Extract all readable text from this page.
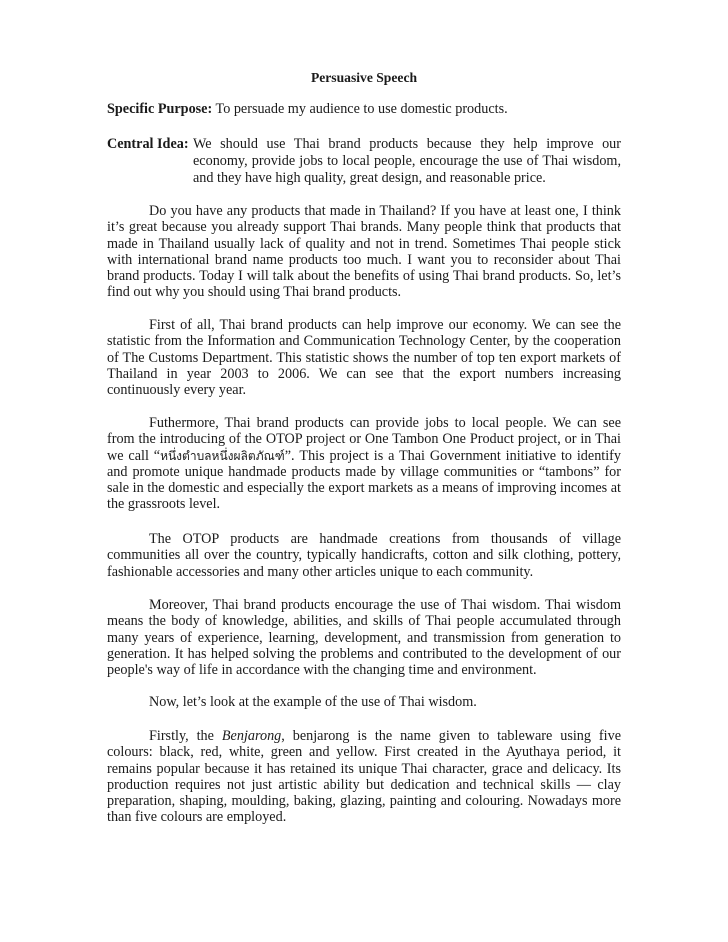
Persuasive Speech
Specific Purpose: To persuade my audience to use domestic products.
Central Idea: We should use Thai brand products because they help improve our economy, provide jobs to local people, encourage the use of Thai wisdom, and they have high quality, great design, and reasonable price.
Do you have any products that made in Thailand? If you have at least one, I think it’s great because you already support Thai brands. Many people think that products that made in Thailand usually lack of quality and not in trend. Sometimes Thai people stick with international brand name products too much. I want you to reconsider about Thai brand products. Today I will talk about the benefits of using Thai brand products. So, let’s find out why you should using Thai brand products.
First of all, Thai brand products can help improve our economy. We can see the statistic from the Information and Communication Technology Center, by the cooperation of The Customs Department. This statistic shows the number of top ten export markets of Thailand in year 2003 to 2006. We can see that the export numbers increasing continuously every year.
Futhermore, Thai brand products can provide jobs to local people. We can see from the introducing of the OTOP project or One Tambon One Product project, or in Thai we call “หนึ่งตำบลหนึ่งผลิตภัณฑ์”. This project is a Thai Government initiative to identify and promote unique handmade products made by village communities or “tambons” for sale in the domestic and especially the export markets as a means of improving incomes at the grassroots level.
The OTOP products are handmade creations from thousands of village communities all over the country, typically handicrafts, cotton and silk clothing, pottery, fashionable accessories and many other articles unique to each community.
Moreover, Thai brand products encourage the use of Thai wisdom. Thai wisdom means the body of knowledge, abilities, and skills of Thai people accumulated through many years of experience, learning, development, and transmission from generation to generation. It has helped solving the problems and contributed to the development of our people's way of life in accordance with the changing time and environment.
Now, let’s look at the example of the use of Thai wisdom.
Firstly, the Benjarong, benjarong is the name given to tableware using five colours: black, red, white, green and yellow. First created in the Ayuthaya period, it remains popular because it has retained its unique Thai character, grace and delicacy. Its production requires not just artistic ability but dedication and technical skills — clay preparation, shaping, moulding, baking, glazing, painting and colouring. Nowadays more than five colours are employed.
